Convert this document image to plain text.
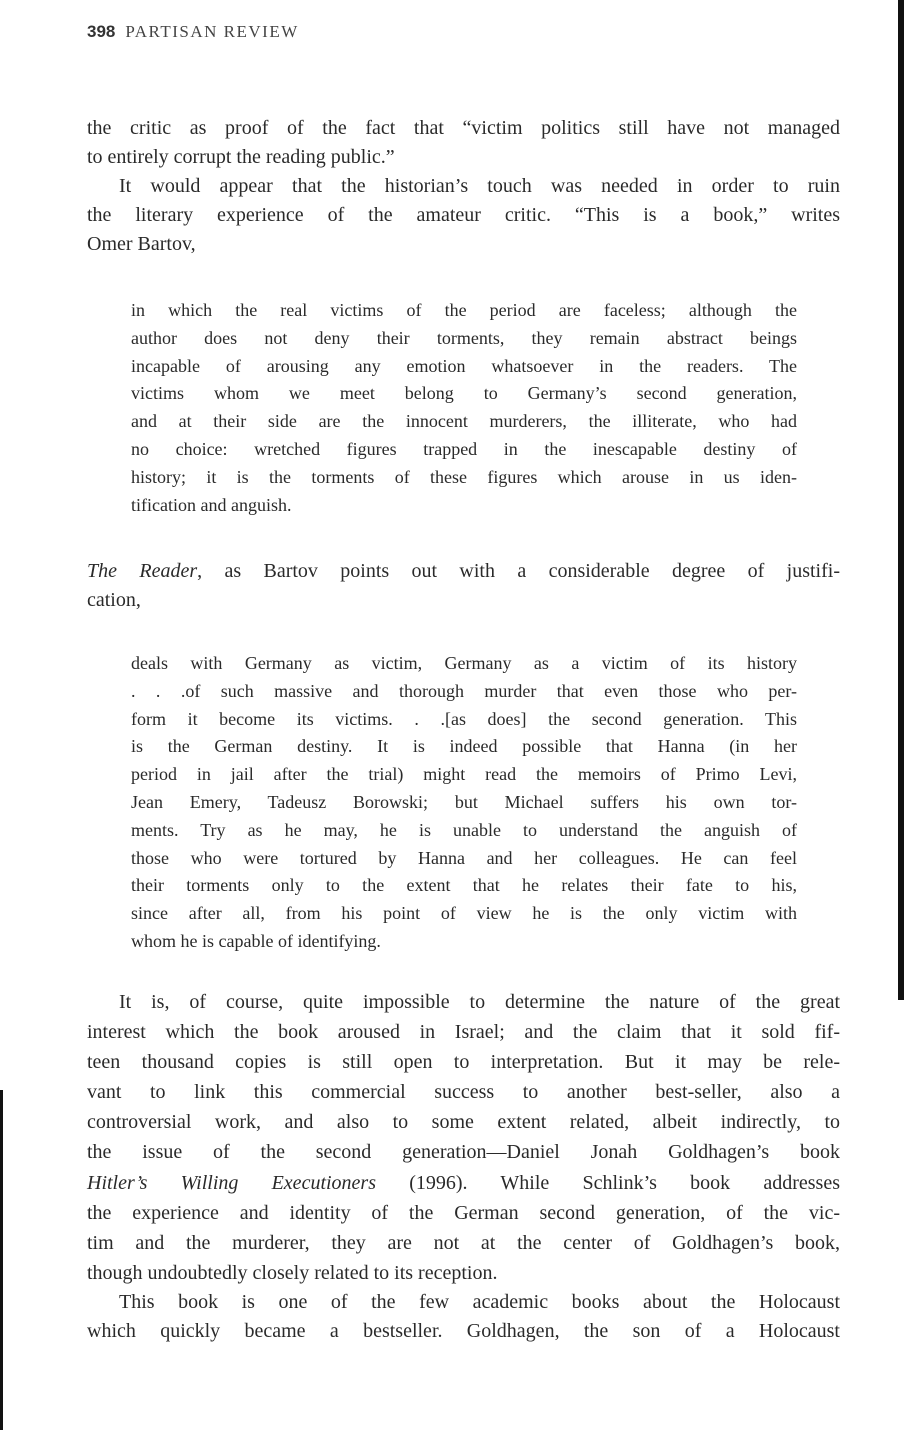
398 PARTISAN REVIEW
the critic as proof of the fact that “victim politics still have not managed
to entirely corrupt the reading public.”
It would appear that the historian’s touch was needed in order to ruin
the literary experience of the amateur critic. “This is a book,” writes
Omer Bartov,
in which the real victims of the period are faceless; although the
author does not deny their torments, they remain abstract beings
incapable of arousing any emotion whatsoever in the readers. The
victims whom we meet belong to Germany’s second generation,
and at their side are the innocent murderers, the illiterate, who had
no choice: wretched figures trapped in the inescapable destiny of
history; it is the torments of these figures which arouse in us iden-
tification and anguish.
The Reader, as Bartov points out with a considerable degree of justifi-
cation,
deals with Germany as victim, Germany as a victim of its history
. . .of such massive and thorough murder that even those who per-
form it become its victims. . .[as does] the second generation. This
is the German destiny. It is indeed possible that Hanna (in her
period in jail after the trial) might read the memoirs of Primo Levi,
Jean Emery, Tadeusz Borowski; but Michael suffers his own tor-
ments. Try as he may, he is unable to understand the anguish of
those who were tortured by Hanna and her colleagues. He can feel
their torments only to the extent that he relates their fate to his,
since after all, from his point of view he is the only victim with
whom he is capable of identifying.
It is, of course, quite impossible to determine the nature of the great
interest which the book aroused in Israel; and the claim that it sold fif-
teen thousand copies is still open to interpretation. But it may be rele-
vant to link this commercial success to another best-seller, also a
controversial work, and also to some extent related, albeit indirectly, to
the issue of the second generation—Daniel Jonah Goldhagen’s book
Hitler’s Willing Executioners (1996). While Schlink’s book addresses
the experience and identity of the German second generation, of the vic-
tim and the murderer, they are not at the center of Goldhagen’s book,
though undoubtedly closely related to its reception.
This book is one of the few academic books about the Holocaust
which quickly became a bestseller. Goldhagen, the son of a Holocaust
